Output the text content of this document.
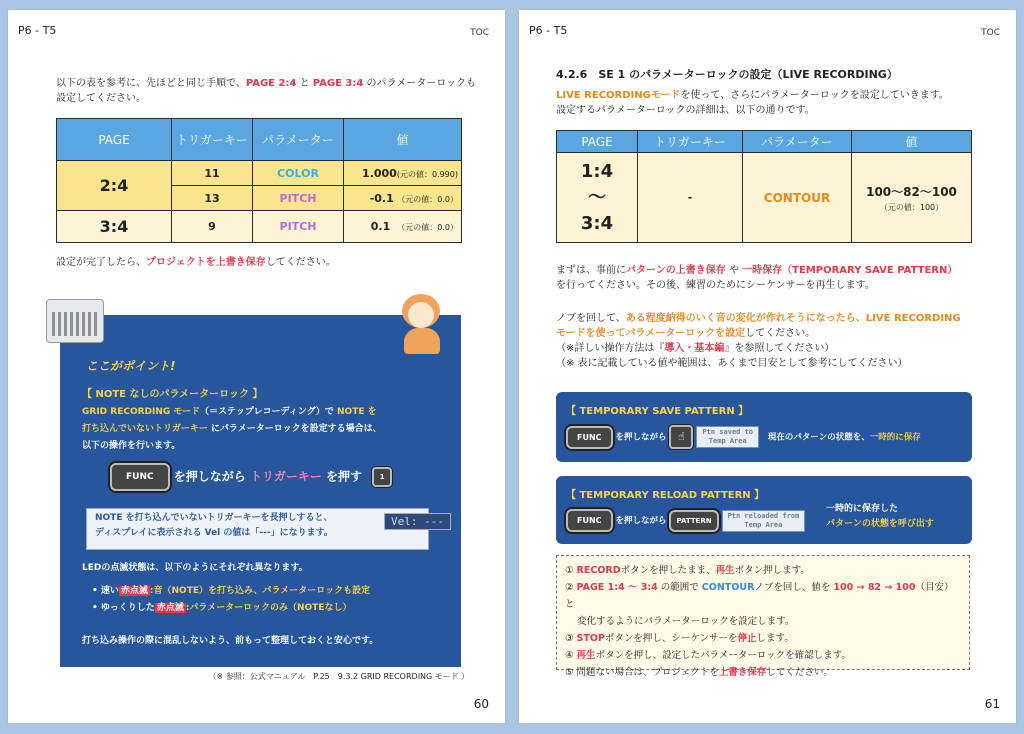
P6 - T5	TOC
以下の表を参考に、先ほどと同じ手順で、PAGE 2:4 と PAGE 3:4 のパラメーターロックも
設定してください。
PAGE	トリガーキー	パラメーター	値
2:4	11	COLOR	1.000(元の値：0.990)
	13	PITCH	-0.1 （元の値：0.0）
3:4	9	PITCH	0.1 （元の値：0.0）
設定が完了したら、プロジェクトを上書き保存してください。
ここがポイント!
【 NOTE なしのパラメーターロック 】
GRID RECORDING モード（＝ステップレコーディング）で NOTE を
打ち込んでいないトリガーキー にパラメーターロックを設定する場合は、
以下の操作を行います。
FUNC を押しながら トリガーキー を押す	1
NOTE を打ち込んでいないトリガーキーを長押しすると、
ディスプレイに表示される Vel の値は「---」になります。
Vel: ---
LEDの点滅状態は、以下のようにそれぞれ異なります。
• 速い 赤点滅 :音（NOTE）を打ち込み、パラメーターロックも設定
• ゆっくりした 赤点滅 :パラメーターロックのみ（NOTEなし）
打ち込み操作の際に混乱しないよう、前もって整理しておくと安心です。
（※ 参照：公式マニュアル　P.25　9.3.2 GRID RECORDING モード ）
60
P6 - T5	TOC
4.2.6　SE 1 のパラメーターロックの設定（LIVE RECORDING）
LIVE RECORDINGモードを使って、さらにパラメーターロックを設定していきます。
設定するパラメーターロックの詳細は、以下の通りです。
PAGE	トリガーキー	パラメーター	値
1:4
～
3:4	-	CONTOUR	100～82～100
（元の値：100）
まずは、事前にパターンの上書き保存 や 一時保存（TEMPORARY SAVE PATTERN）
を行ってください。その後、練習のためにシーケンサーを再生します。
ノブを回して、ある程度納得のいく音の変化が作れそうになったら、LIVE RECORDING
モードを使ってパラメーターロックを設定してください。
（※詳しい操作方法は『導入・基本編』を参照してください）
（※ 表に記載している値や範囲は、あくまで目安として参考にしてください）
【 TEMPORARY SAVE PATTERN 】
FUNC を押しながら ☝	Ptn saved to
Temp Area 現在のパターンの状態を、一時的に保存
【 TEMPORARY RELOAD PATTERN 】
FUNC を押しながら PATTERN Ptn reloaded from
Temp Area
一時的に保存した
パターンの状態を呼び出す
① RECORDボタンを押したまま、再生ボタン押します。
② PAGE 1:4 ～ 3:4 の範囲で CONTOURノブを回し、値を 100 → 82 → 100（目安）と
変化するようにパラメーターロックを設定します。
③ STOPボタンを押し、シーケンサーを停止します。
④ 再生ボタンを押し、設定したパラメーターロックを確認します。
⑤ 問題ない場合は、プロジェクトを上書き保存してください。
61
